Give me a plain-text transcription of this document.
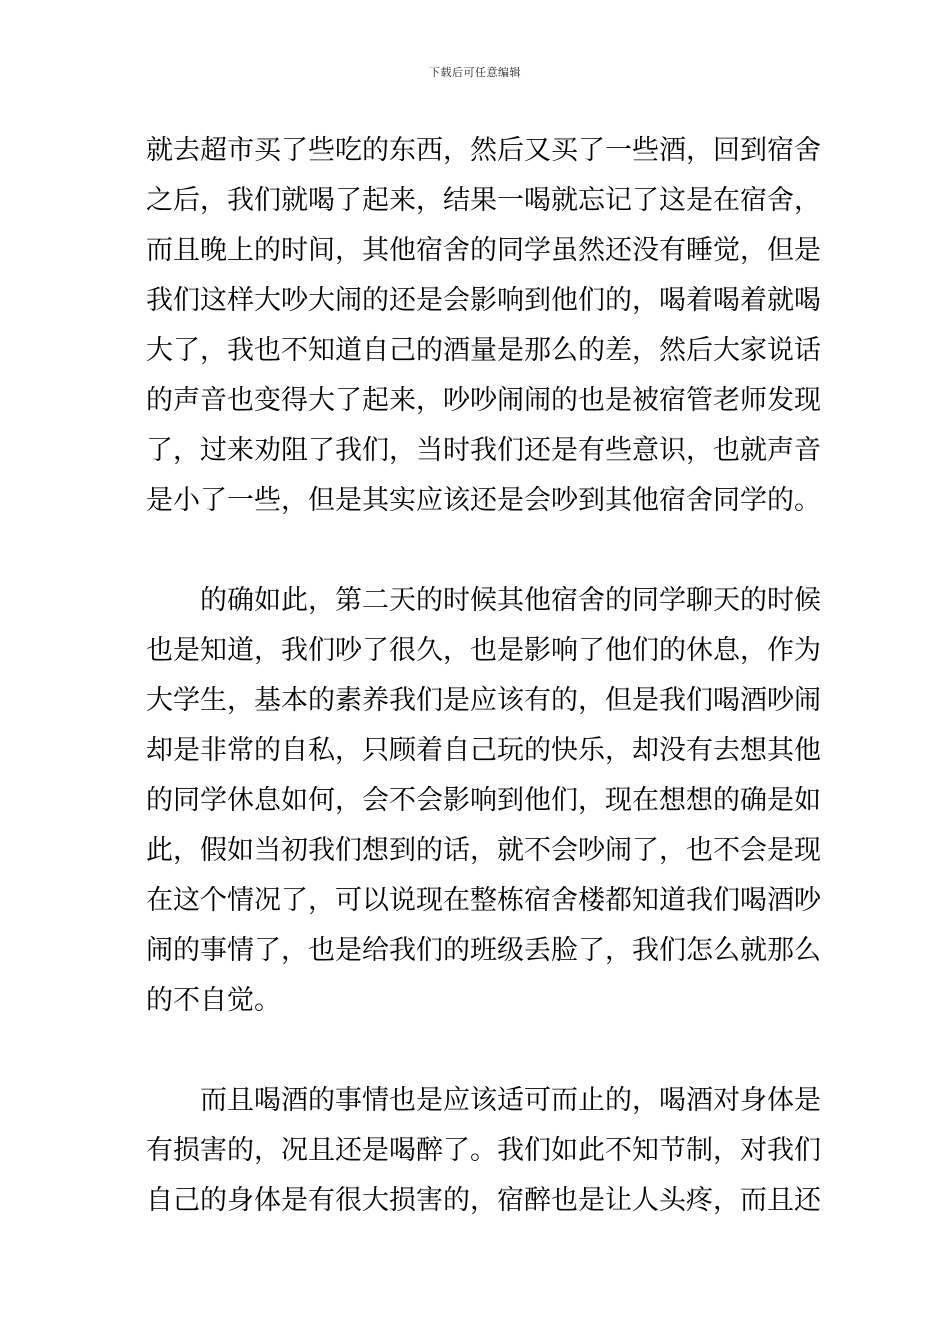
下载后可任意编辑
就去超市买了些吃的东西，然后又买了一些酒，回到宿舍
之后，我们就喝了起来，结果一喝就忘记了这是在宿舍，
而且晚上的时间，其他宿舍的同学虽然还没有睡觉，但是
我们这样大吵大闹的还是会影响到他们的，喝着喝着就喝
大了，我也不知道自己的酒量是那么的差，然后大家说话
的声音也变得大了起来，吵吵闹闹的也是被宿管老师发现
了，过来劝阻了我们，当时我们还是有些意识，也就声音
是小了一些，但是其实应该还是会吵到其他宿舍同学的。
的确如此，第二天的时候其他宿舍的同学聊天的时候
也是知道，我们吵了很久，也是影响了他们的休息，作为
大学生，基本的素养我们是应该有的，但是我们喝酒吵闹
却是非常的自私，只顾着自己玩的快乐，却没有去想其他
的同学休息如何，会不会影响到他们，现在想想的确是如
此，假如当初我们想到的话，就不会吵闹了，也不会是现
在这个情况了，可以说现在整栋宿舍楼都知道我们喝酒吵
闹的事情了，也是给我们的班级丢脸了，我们怎么就那么
的不自觉。
而且喝酒的事情也是应该适可而止的，喝酒对身体是
有损害的，况且还是喝醉了。我们如此不知节制，对我们
自己的身体是有很大损害的，宿醉也是让人头疼，而且还
